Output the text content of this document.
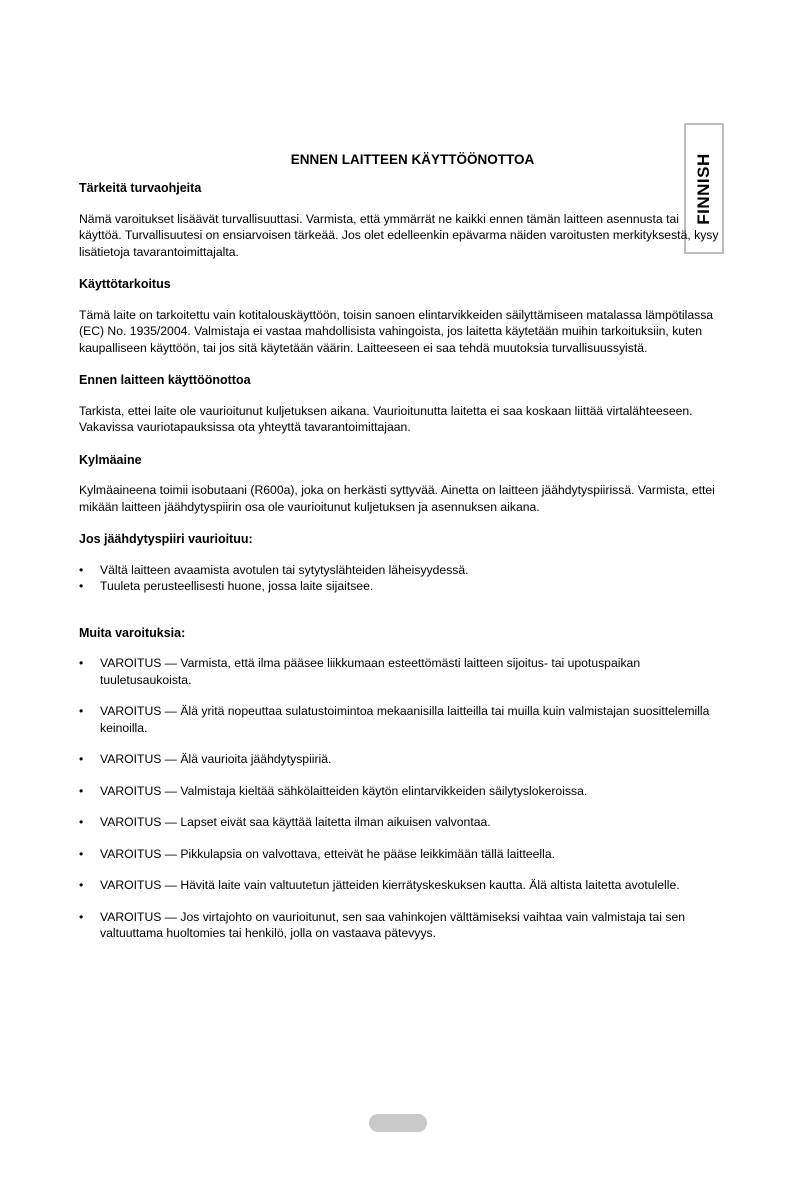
FINNISH
ENNEN LAITTEEN KÄYTTÖÖNOTTOA
Tärkeitä turvaohjeita

Nämä varoitukset lisäävät turvallisuuttasi. Varmista, että ymmärrät ne kaikki ennen tämän laitteen asennusta tai käyttöä. Turvallisuutesi on ensiarvoisen tärkeää. Jos olet edelleenkin epävarma näiden varoitusten merkityksestä, kysy lisätietoja tavarantoimittajalta.

Käyttötarkoitus

Tämä laite on tarkoitettu vain kotitalouskäyttöön, toisin sanoen elintarvikkeiden säilyttämiseen matalassa lämpötilassa (EC) No. 1935/2004. Valmistaja ei vastaa mahdollisista vahingoista, jos laitetta käytetään muihin tarkoituksiin, kuten kaupalliseen käyttöön, tai jos sitä käytetään väärin. Laitteeseen ei saa tehdä muutoksia turvallisuussyistä.

Ennen laitteen käyttöönottoa

Tarkista, ettei laite ole vaurioitunut kuljetuksen aikana. Vaurioitunutta laitetta ei saa koskaan liittää virtalähteeseen. Vakavissa vauriotapauksissa ota yhteyttä tavarantoimittajaan.

Kylmäaine

Kylmäaineena toimii isobutaani (R600a), joka on herkästi syttyvää. Ainetta on laitteen jäähdytyspiirissä. Varmista, ettei mikään laitteen jäähdytyspiirin osa ole vaurioitunut kuljetuksen ja asennuksen aikana.

Jos jäähdytyspiiri vaurioituu:
• Vältä laitteen avaamista avotulen tai sytytyslähteiden läheisyydessä.
• Tuuleta perusteellisesti huone, jossa laite sijaitsee.
Muita varoituksia:
• VAROITUS — Varmista, että ilma pääsee liikkumaan esteettömästi laitteen sijoitus- tai upotuspaikan tuuletusaukoista.
• VAROITUS — Älä yritä nopeuttaa sulatustoimintoa mekaanisilla laitteilla tai muilla kuin valmistajan suosittelemilla keinoilla.
• VAROITUS — Älä vaurioita jäähdytyspiiriä.
• VAROITUS — Valmistaja kieltää sähkölaitteiden käytön elintarvikkeiden säilytyslokeroissa.
• VAROITUS — Lapset eivät saa käyttää laitetta ilman aikuisen valvontaa.
• VAROITUS — Pikkulapsia on valvottava, etteivät he pääse leikkimään tällä laitteella.
• VAROITUS — Hävitä laite vain valtuutetun jätteiden kierrätyskeskuksen kautta. Älä altista laitetta avotulelle.
• VAROITUS — Jos virtajohto on vaurioitunut, sen saa vahinkojen välttämiseksi vaihtaa vain valmistaja tai sen valtuuttama huoltomies tai henkilö, jolla on vastaava pätevyys.
